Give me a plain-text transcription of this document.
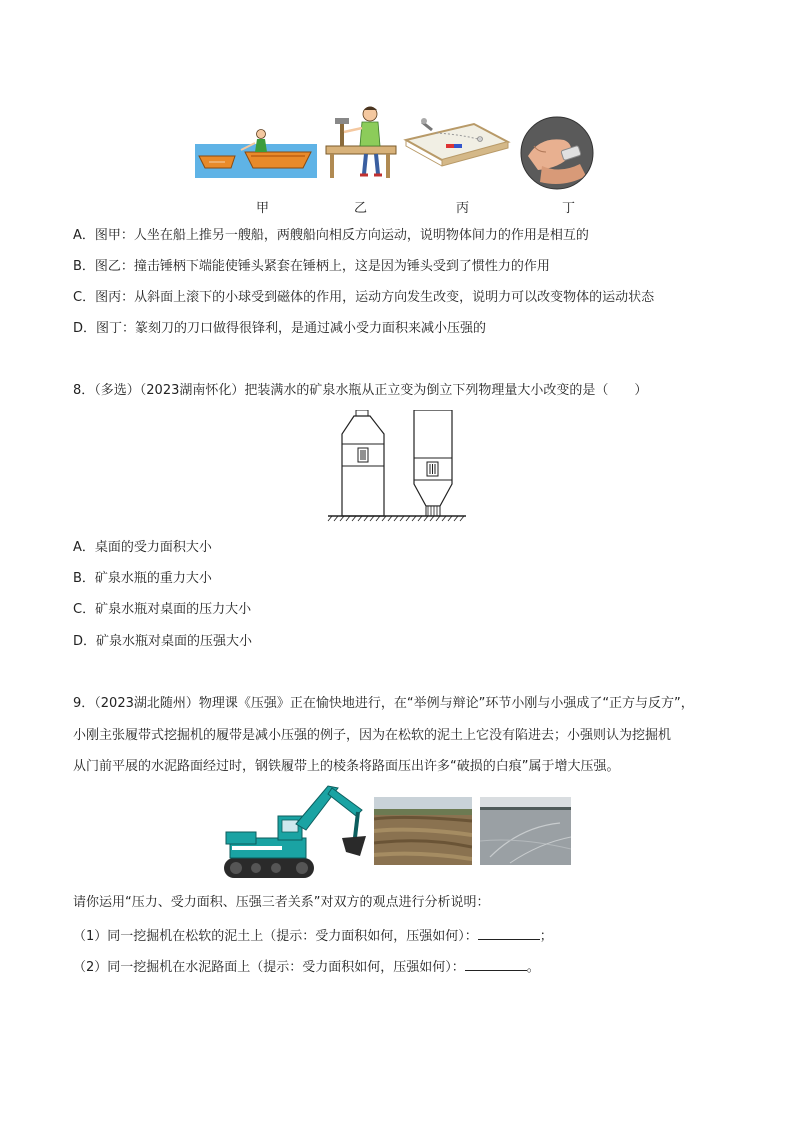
甲	乙	丙	丁
A．图甲：人坐在船上推另一艘船，两艘船向相反方向运动，说明物体间力的作用是相互的
B．图乙：撞击锤柄下端能使锤头紧套在锤柄上，这是因为锤头受到了惯性力的作用
C．图丙：从斜面上滚下的小球受到磁体的作用，运动方向发生改变，说明力可以改变物体的运动状态
D．图丁：篆刻刀的刀口做得很锋利，是通过减小受力面积来减小压强的
8．（多选）（2023湖南怀化）把装满水的矿泉水瓶从正立变为倒立下列物理量大小改变的是（　　）
A．桌面的受力面积大小
B．矿泉水瓶的重力大小
C．矿泉水瓶对桌面的压力大小
D．矿泉水瓶对桌面的压强大小
9．（2023湖北随州）物理课《压强》正在愉快地进行，在“举例与辩论”环节小刚与小强成了“正方与反方”，
小刚主张履带式挖掘机的履带是减小压强的例子，因为在松软的泥土上它没有陷进去；小强则认为挖掘机
从门前平展的水泥路面经过时，钢铁履带上的棱条将路面压出许多“破损的白痕”属于增大压强。
请你运用“压力、受力面积、压强三者关系”对双方的观点进行分析说明：
（1）同一挖掘机在松软的泥土上（提示：受力面积如何，压强如何）：	；
（2）同一挖掘机在水泥路面上（提示：受力面积如何，压强如何）：	。
